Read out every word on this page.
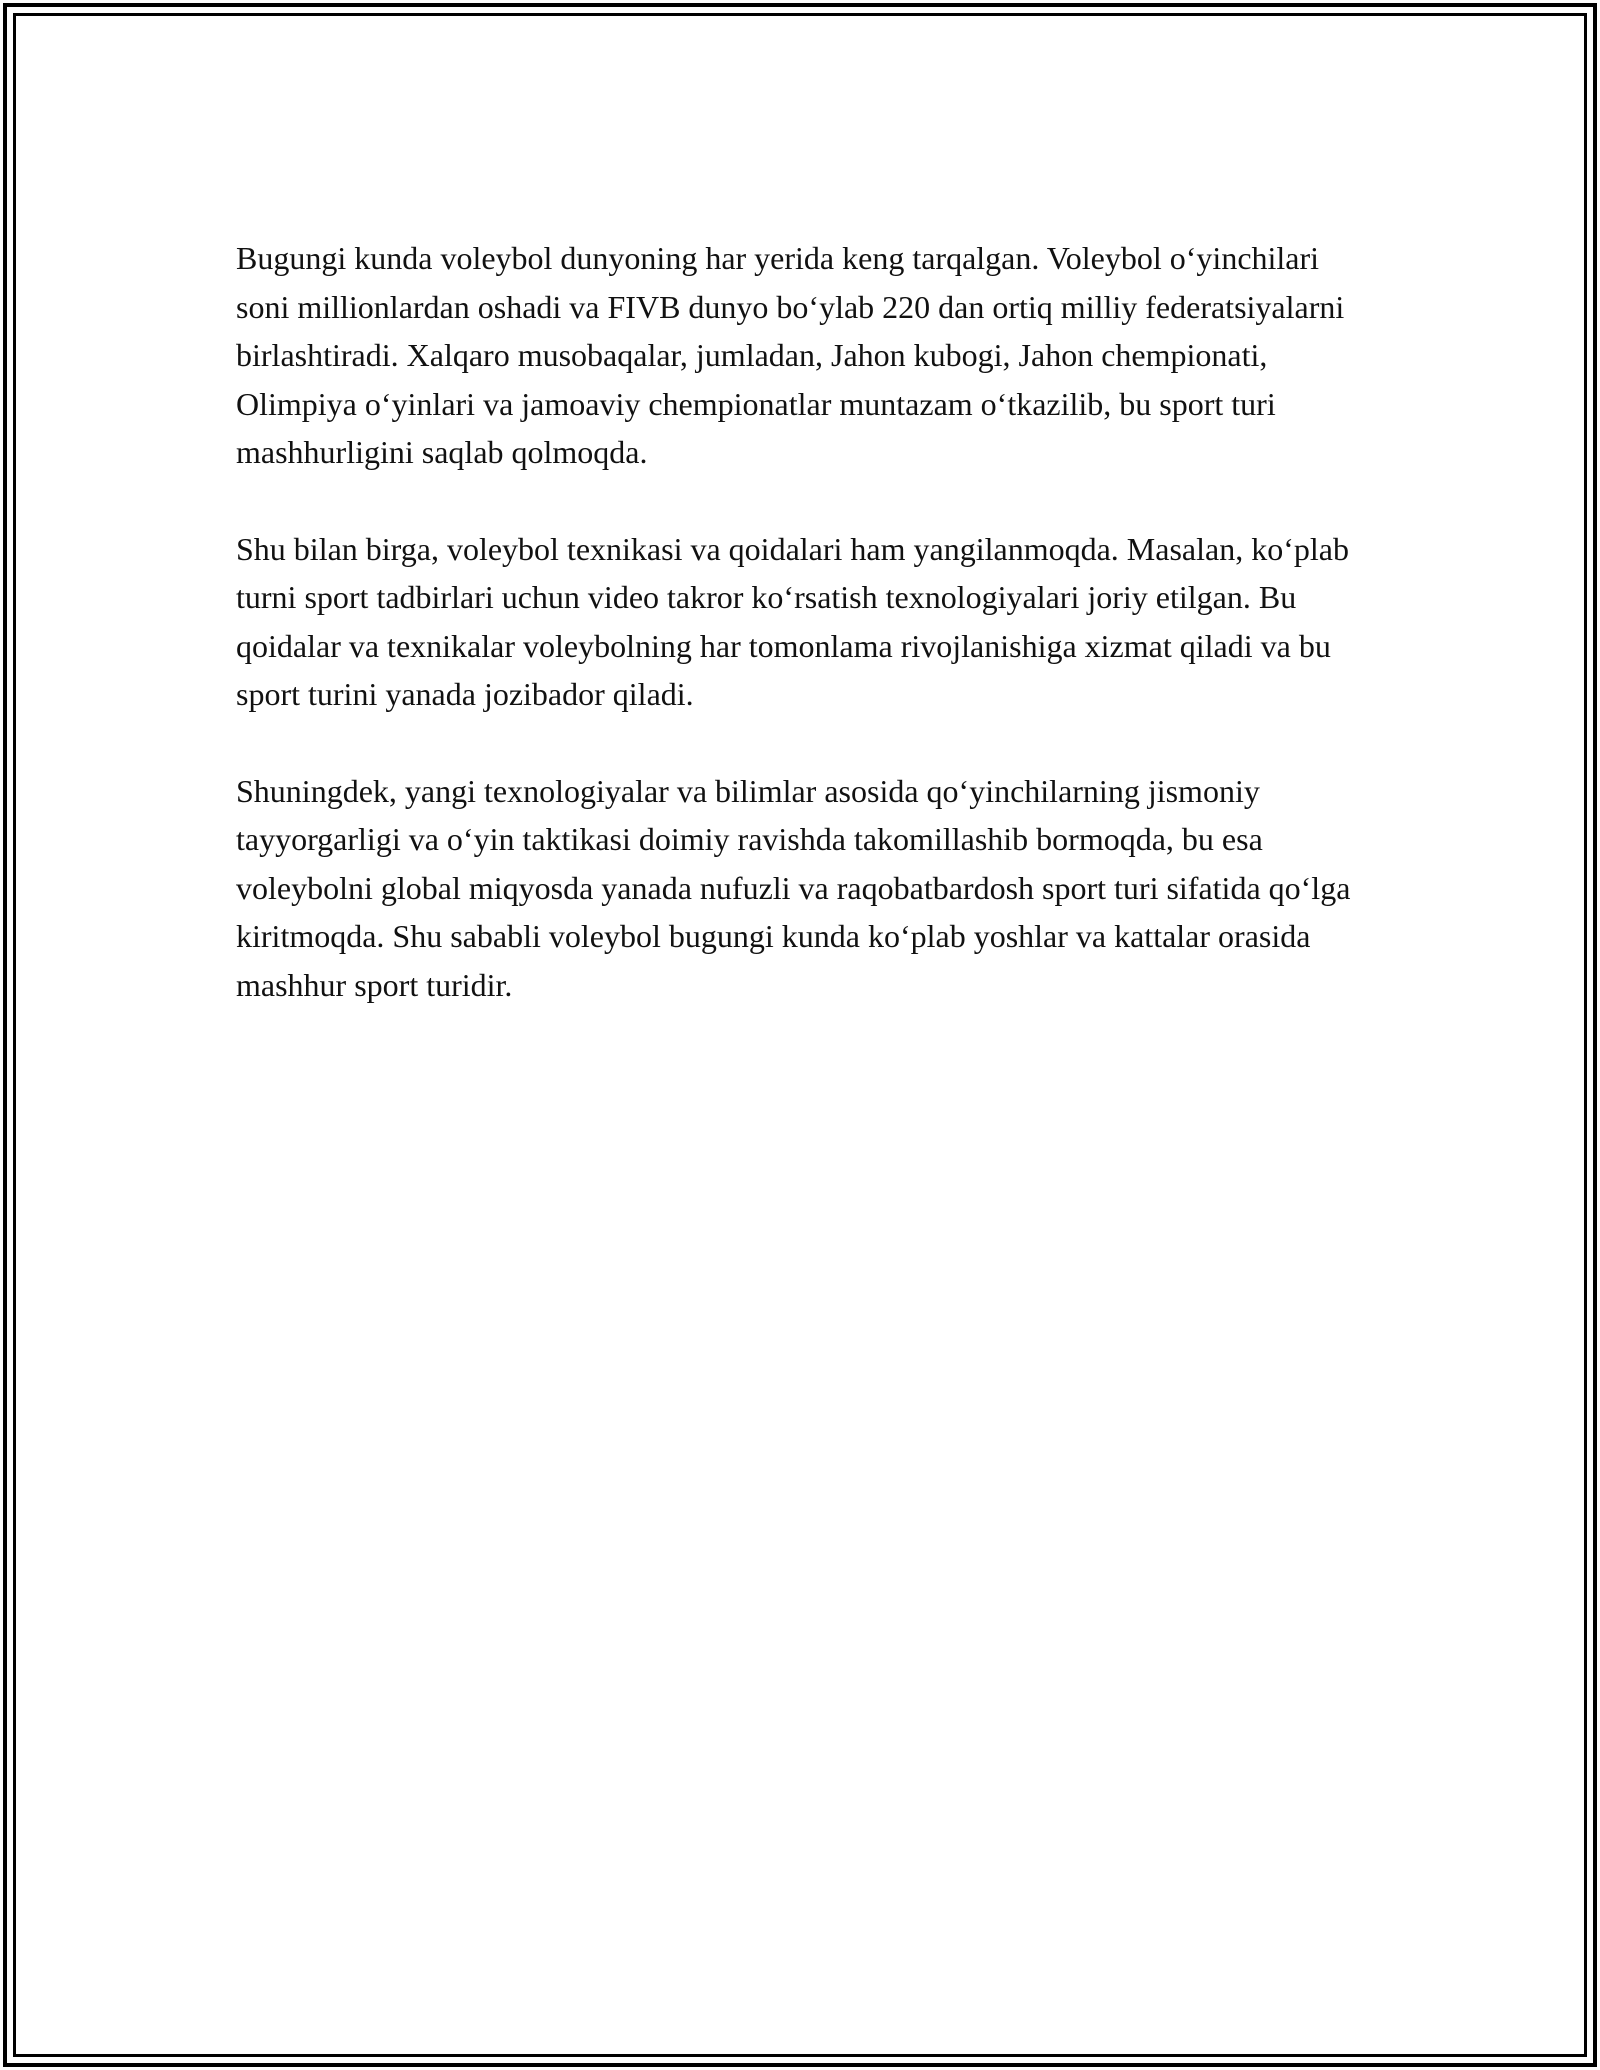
Bugungi kunda voleybol dunyoning har yerida keng tarqalgan. Voleybol o‘yinchilari soni millionlardan oshadi va FIVB dunyo bo‘ylab 220 dan ortiq milliy federatsiyalarni birlashtiradi. Xalqaro musobaqalar, jumladan, Jahon kubogi, Jahon chempionati, Olimpiya o‘yinlari va jamoaviy chempionatlar muntazam o‘tkazilib, bu sport turi mashhurligini saqlab qolmoqda.

Shu bilan birga, voleybol texnikasi va qoidalari ham yangilanmoqda. Masalan, ko‘plab turni sport tadbirlari uchun video takror ko‘rsatish texnologiyalari joriy etilgan. Bu qoidalar va texnikalar voleybolning har tomonlama rivojlanishiga xizmat qiladi va bu sport turini yanada jozibador qiladi.

Shuningdek, yangi texnologiyalar va bilimlar asosida qo‘yinchilarning jismoniy tayyorgarligi va o‘yin taktikasi doimiy ravishda takomillashib bormoqda, bu esa voleybolni global miqyosda yanada nufuzli va raqobatbardosh sport turi sifatida qo‘lga kiritmoqda. Shu sababli voleybol bugungi kunda ko‘plab yoshlar va kattalar orasida mashhur sport turidir.
